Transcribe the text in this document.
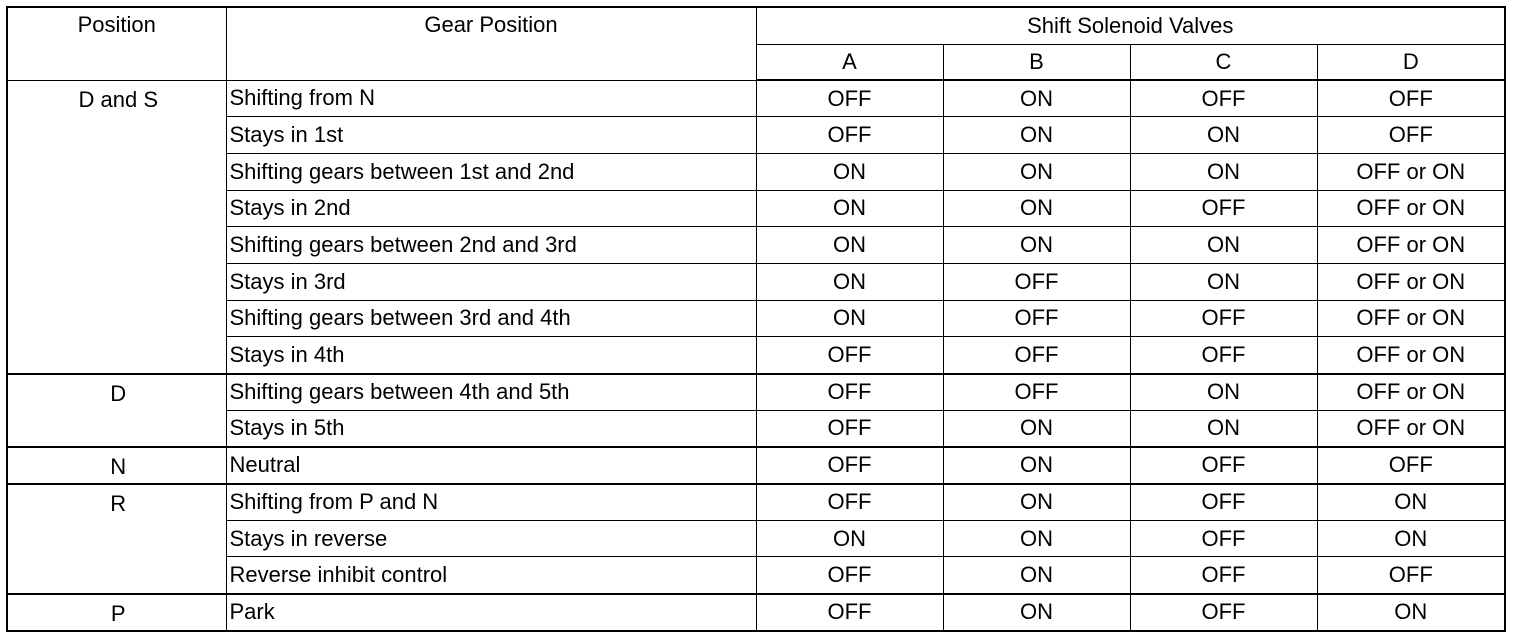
Position	Gear Position	Shift Solenoid Valves			
		A	B	C	D
D and S	Shifting from N	OFF	ON	OFF	OFF
	Stays in 1st	OFF	ON	ON	OFF
	Shifting gears between 1st and 2nd	ON	ON	ON	OFF or ON
	Stays in 2nd	ON	ON	OFF	OFF or ON
	Shifting gears between 2nd and 3rd	ON	ON	ON	OFF or ON
	Stays in 3rd	ON	OFF	ON	OFF or ON
	Shifting gears between 3rd and 4th	ON	OFF	OFF	OFF or ON
	Stays in 4th	OFF	OFF	OFF	OFF or ON
D	Shifting gears between 4th and 5th	OFF	OFF	ON	OFF or ON
	Stays in 5th	OFF	ON	ON	OFF or ON
N	Neutral	OFF	ON	OFF	OFF
R	Shifting from P and N	OFF	ON	OFF	ON
	Stays in reverse	ON	ON	OFF	ON
	Reverse inhibit control	OFF	ON	OFF	OFF
P	Park	OFF	ON	OFF	ON
